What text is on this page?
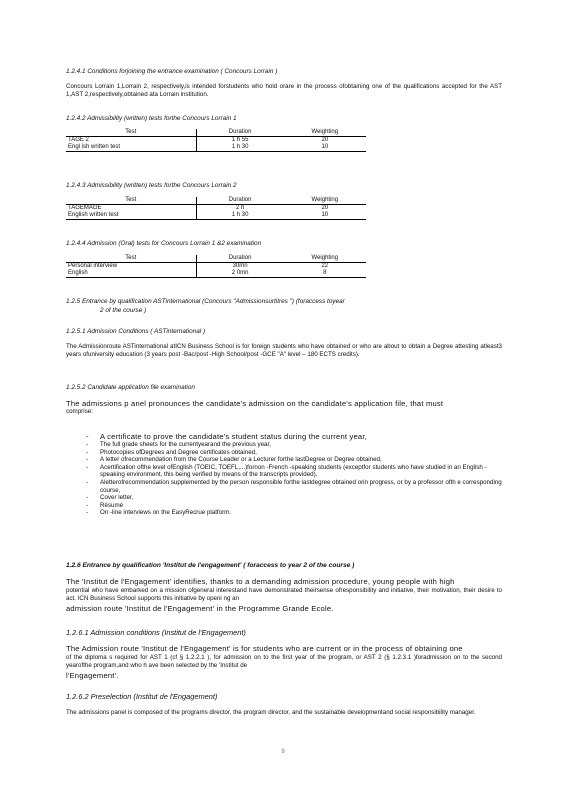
1.2.4.1 Conditions forjoining the entrance examination ( Concours Lorrain )
Concours Lorrain 1,Lorrain 2, respectively,is intended forstudents who hold orare in the process ofobtaining one of the qualifications accepted for the AST 1,AST 2,respectively,obtained ata Lorrain institution.
1.2.4.2 Admissibility (written) tests forthe Concours Lorrain 1
Test	Duration	Weighting
TAGE 2	1 h 55	20
Engl ish written test	1 h 30	10
1.2.4.3 Admissibility (written) tests forthe Concours Lorrain 2
Test	Duration	Weighting
TAGEMAGE	2 h	20
English written test	1 h 30	10
1.2.4.4 Admission (Oral) tests for Concours Lorrain 1 &2 examination
Test	Duration	Weighting
Personal interview	30mn	22
English	2 0mn	8
1.2.5 Entrance by qualification ASTinternational (Concours "Admissionsurtitres ") (foraccess toyear
2 of the course )
1.2.5.1 Admission Conditions ( ASTinternational )
The Admissionroute ASTinternational atICN Business School is for foreign students who have obtained or who are about to obtain a Degree attesting atleast3 years ofuniversity education (3 years post -Bac/post -High School/post -GCE "A" level – 180 ECTS credits).
1.2.5.2 Candidate application file examination
The admissions p anel pronounces the candidate's admission on the candidate's application file, that must
comprise:
- A certificate to prove the candidate's student status during the current year,
- The full grade sheets for the currentyearand the previous year,
- Photocopies ofDegrees and Degree certificates obtained,
- A letter ofrecommendation from the Course Leader or a Lecturer forthe lastDegree or Degree obtained,
- Acertification ofthe level ofEnglish (TOEIC, TOEFL,...)fornon -French -speaking students (exceptfor students who have studied in an English -speaking environment, this being verified by means of the transcripts provided),
- Aletterofrecommendation supplemented by the person responsible forthe lastdegree obtained orin progress, or by a professor ofth e corresponding course,
- Cover letter,
- Résumé
- On -line interviews on the EasyRecrue platform.
1.2.6 Entrance by qualification 'Institut de l'engagement' ( foraccess to year 2 of the course )
The 'Institut de l'Engagement' identifies, thanks to a demanding admission procedure, young people with high
potential who have embarked on a mission ofgeneral interestand have demonstrated theirsense ofresponsibility and initiative, their motivation, their desire to act. ICN Business School supports this initiative by openi ng an
admission route 'Institut de l'Engagement' in the Programme Grande Ecole.
1.2.6.1 Admission conditions (Institut de l'Engagement)
The Admission route 'Institut de l'Engagement' is for students who are current or in the process of obtaining one
of the diploma s required for AST 1 (cf § 1.2.2.1 ), for admission on to the first year of the program, or AST 2 (§ 1.2.3.1 )foradmission on to the second yearofthe program,and who h ave been selected by the 'Institut de
l'Engagement'.
1.2.6.2 Preselection (Institut de l'Engagement)
The admissions panel is composed of the programs director, the program director, and the sustainable developmentand social responsibility manager.
9
